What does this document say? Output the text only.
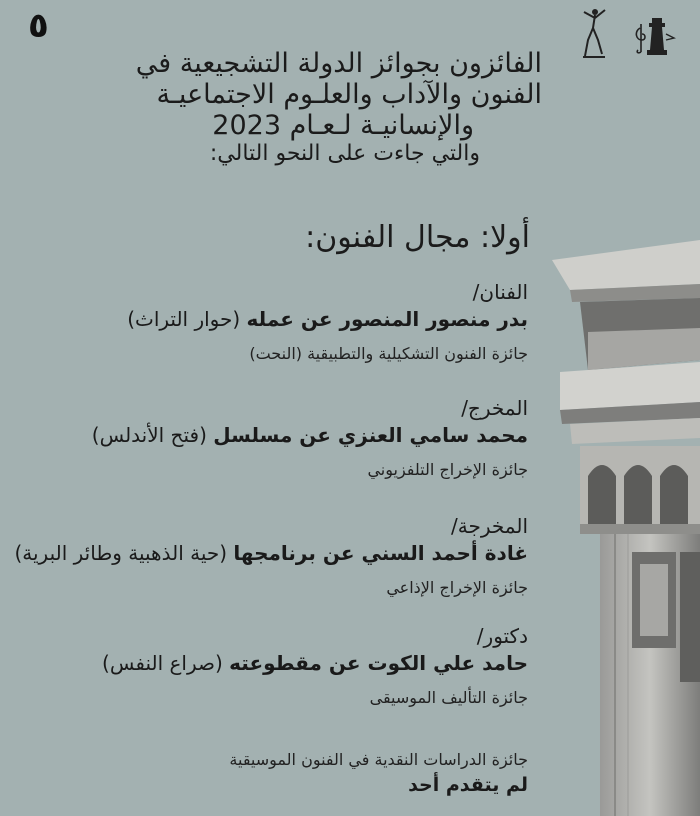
٥
الفائزون بجوائز الدولة التشجيعية في
الفنون والآداب والعلـوم الاجتماعيـة
والإنسانيـة لـعـام 2023
والتي جاءت على النحو التالي:
أولا: مجال الفنون:
الفنان/
بدر منصور المنصور عن عمله (حوار التراث)
جائزة الفنون التشكيلية والتطبيقية (النحت)
المخرج/
محمد سامي العنزي عن مسلسل (فتح الأندلس)
جائزة الإخراج التلفزيوني
المخرجة/
غادة أحمد السني عن برنامجها (حية الذهبية وطائر البرية)
جائزة الإخراج الإذاعي
دكتور/
حامد علي الكوت عن مقطوعته (صراع النفس)
جائزة التأليف الموسيقى
جائزة الدراسات النقدية في الفنون الموسيقية
لم يتقدم أحد
